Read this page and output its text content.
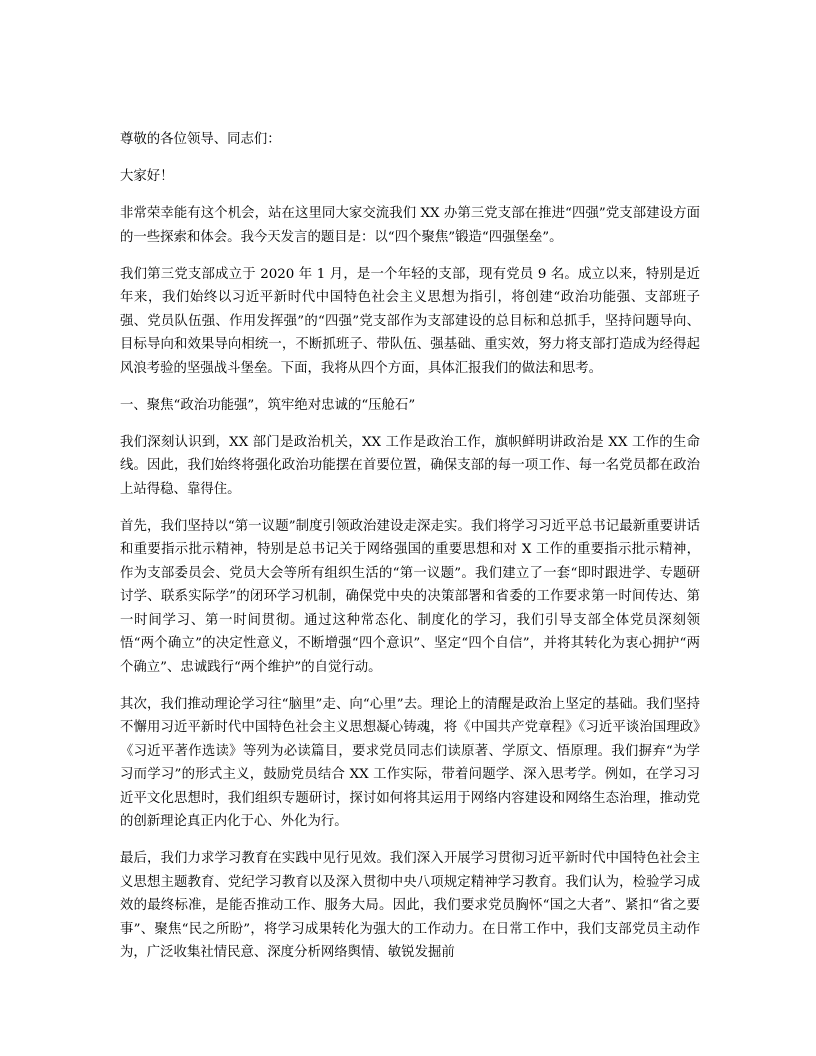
尊敬的各位领导、同志们：

大家好！

非常荣幸能有这个机会，站在这里同大家交流我们 XX 办第三党支部在推进“四强”党支部建设方面的一些探索和体会。我今天发言的题目是：以“四个聚焦”锻造“四强堡垒”。

我们第三党支部成立于 2020 年 1 月，是一个年轻的支部，现有党员 9 名。成立以来，特别是近年来，我们始终以习近平新时代中国特色社会主义思想为指引，将创建“政治功能强、支部班子强、党员队伍强、作用发挥强”的“四强”党支部作为支部建设的总目标和总抓手，坚持问题导向、目标导向和效果导向相统一，不断抓班子、带队伍、强基础、重实效，努力将支部打造成为经得起风浪考验的坚强战斗堡垒。下面，我将从四个方面，具体汇报我们的做法和思考。

一、聚焦“政治功能强”，筑牢绝对忠诚的“压舱石”

我们深刻认识到，XX 部门是政治机关，XX 工作是政治工作，旗帜鲜明讲政治是 XX 工作的生命线。因此，我们始终将强化政治功能摆在首要位置，确保支部的每一项工作、每一名党员都在政治上站得稳、靠得住。

首先，我们坚持以“第一议题”制度引领政治建设走深走实。我们将学习习近平总书记最新重要讲话和重要指示批示精神，特别是总书记关于网络强国的重要思想和对 X 工作的重要指示批示精神，作为支部委员会、党员大会等所有组织生活的“第一议题”。我们建立了一套“即时跟进学、专题研讨学、联系实际学”的闭环学习机制，确保党中央的决策部署和省委的工作要求第一时间传达、第一时间学习、第一时间贯彻。通过这种常态化、制度化的学习，我们引导支部全体党员深刻领悟“两个确立”的决定性意义，不断增强“四个意识”、坚定“四个自信”，并将其转化为衷心拥护“两个确立”、忠诚践行“两个维护”的自觉行动。

其次，我们推动理论学习往“脑里”走、向“心里”去。理论上的清醒是政治上坚定的基础。我们坚持不懈用习近平新时代中国特色社会主义思想凝心铸魂，将《中国共产党章程》《习近平谈治国理政》《习近平著作选读》等列为必读篇目，要求党员同志们读原著、学原文、悟原理。我们摒弃“为学习而学习”的形式主义，鼓励党员结合 XX 工作实际，带着问题学、深入思考学。例如，在学习习近平文化思想时，我们组织专题研讨，探讨如何将其运用于网络内容建设和网络生态治理，推动党的创新理论真正内化于心、外化为行。

最后，我们力求学习教育在实践中见行见效。我们深入开展学习贯彻习近平新时代中国特色社会主义思想主题教育、党纪学习教育以及深入贯彻中央八项规定精神学习教育。我们认为，检验学习成效的最终标准，是能否推动工作、服务大局。因此，我们要求党员胸怀“国之大者”、紧扣“省之要事”、聚焦“民之所盼”，将学习成果转化为强大的工作动力。在日常工作中，我们支部党员主动作为，广泛收集社情民意、深度分析网络舆情、敏锐发掘前
